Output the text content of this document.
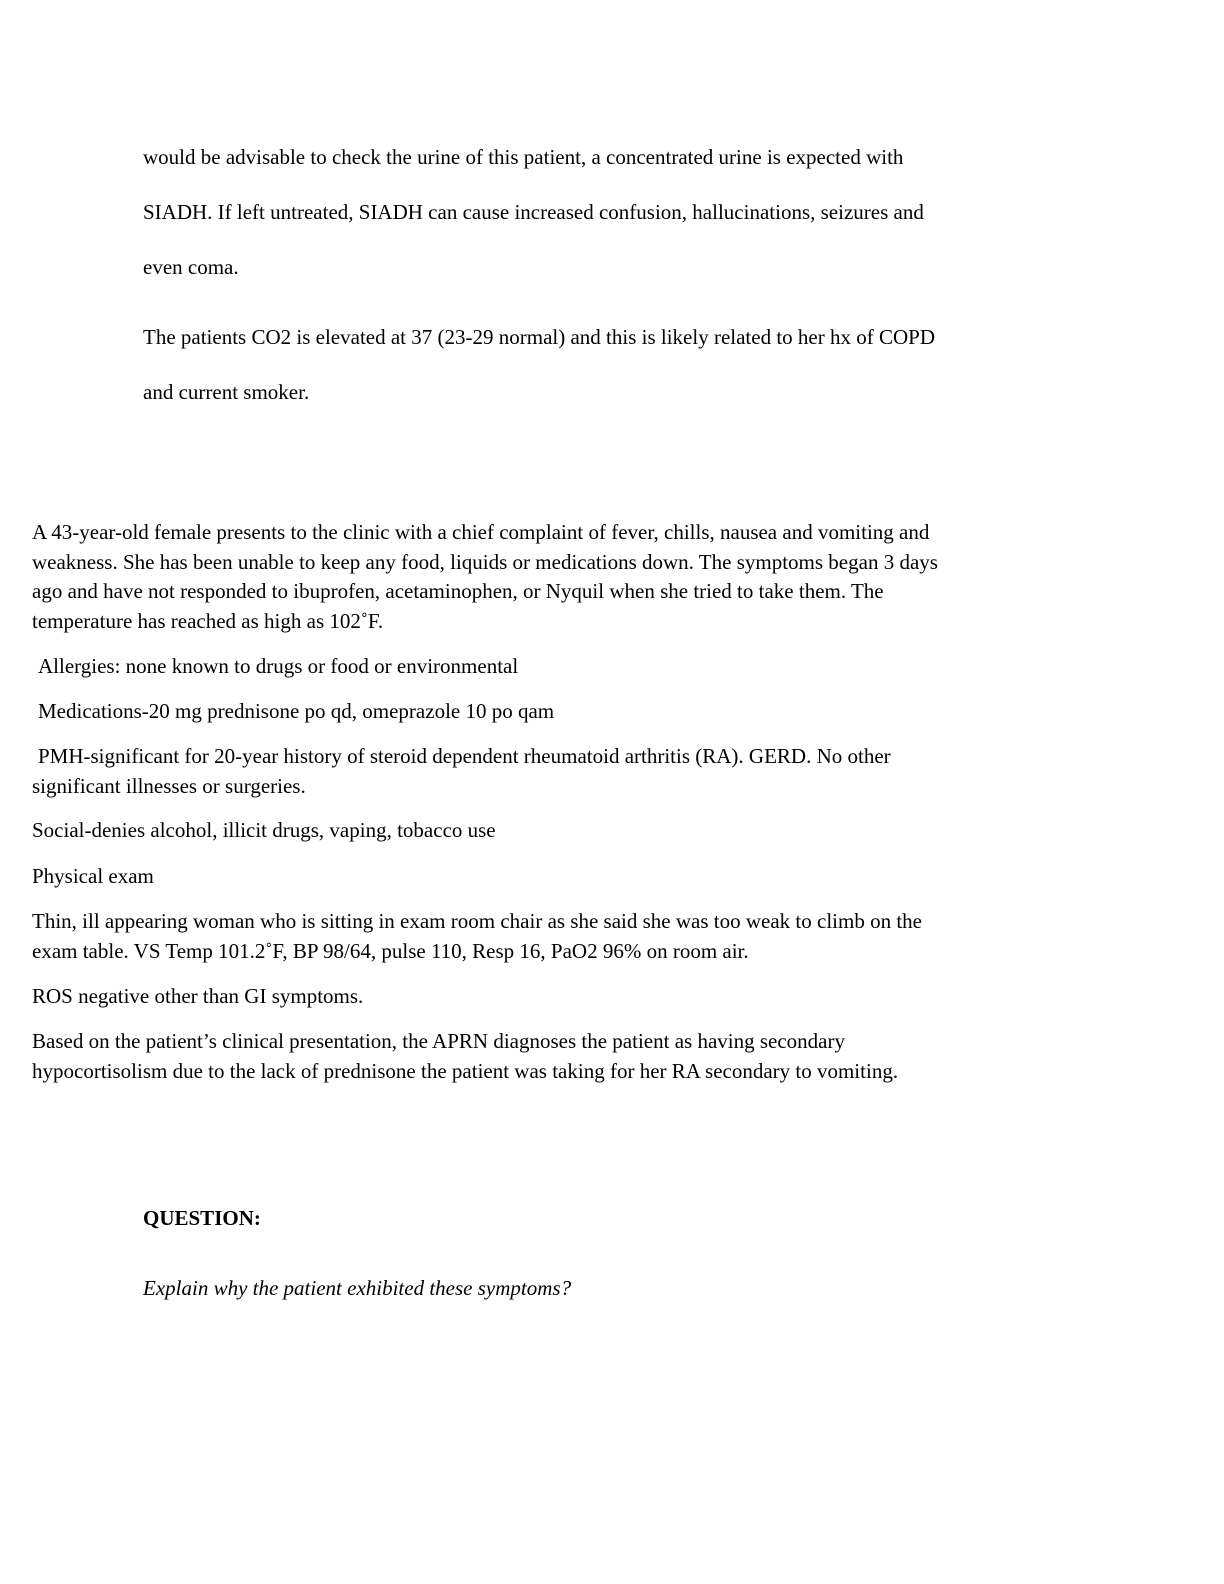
would be advisable to check the urine of this patient, a concentrated urine is expected with
SIADH. If left untreated, SIADH can cause increased confusion, hallucinations, seizures and
even coma.
The patients CO2 is elevated at 37 (23-29 normal) and this is likely related to her hx of COPD
and current smoker.

A 43-year-old female presents to the clinic with a chief complaint of fever, chills, nausea and vomiting and

weakness. She has been unable to keep any food, liquids or medications down. The symptoms began 3 days

ago and have not responded to ibuprofen, acetaminophen, or Nyquil when she tried to take them. The

temperature has reached as high as 102˚F.

Allergies: none known to drugs or food or environmental
Medications-20 mg prednisone po qd, omeprazole 10 po qam

PMH-significant for 20-year history of steroid dependent rheumatoid arthritis (RA). GERD. No other

significant illnesses or surgeries.

Social-denies alcohol, illicit drugs, vaping, tobacco use
Physical exam

Thin, ill appearing woman who is sitting in exam room chair as she said she was too weak to climb on the

exam table. VS Temp 101.2˚F, BP 98/64, pulse 110, Resp 16, PaO2 96% on room air.

ROS negative other than GI symptoms.

Based on the patient’s clinical presentation, the APRN diagnoses the patient as having secondary

hypocortisolism due to the lack of prednisone the patient was taking for her RA secondary to vomiting.

QUESTION:
Explain why the patient exhibited these symptoms?
